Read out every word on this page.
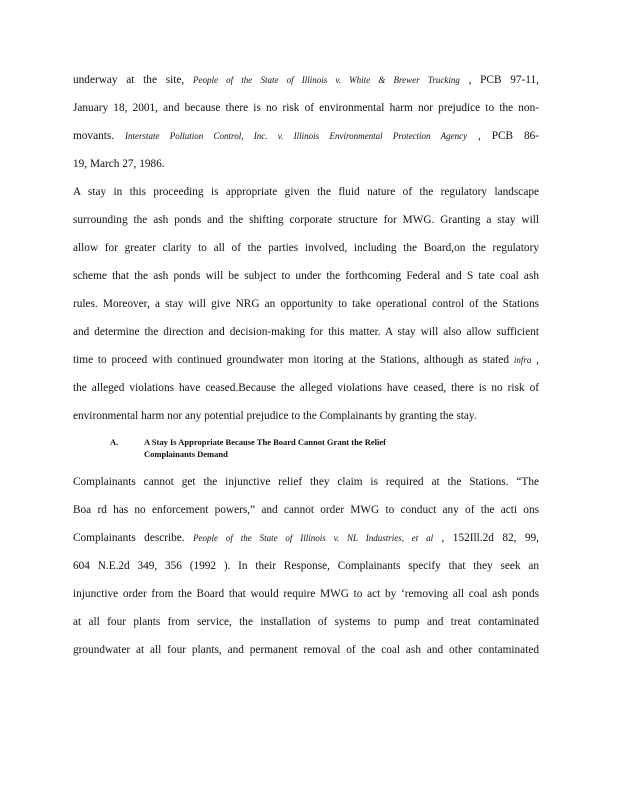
underway at the site, People of the State of Illinois v. White & Brewer Trucking , PCB 97-11,
January 18, 2001, and because there is no risk of environmental harm nor prejudice to the non-
movants. Interstate Pollution Control, Inc. v. Illinois Environmental Protection Agency , PCB 86-
19, March 27, 1986.
A stay in this proceeding is appropriate given the fluid nature of the regulatory landscape
surrounding the ash ponds and the shifting corporate structure for MWG. Granting a stay will
allow for greater clarity to all of the parties involved, including the Board,on the regulatory
scheme that the ash ponds will be subject to under the forthcoming Federal and S tate coal ash
rules. Moreover, a stay will give NRG an opportunity to take operational control of the Stations
and determine the direction and decision-making for this matter. A stay will also allow sufficient
time to proceed with continued groundwater mon itoring at the Stations, although as stated infra ,
the alleged violations have ceased.Because the alleged violations have ceased, there is no risk of
environmental harm nor any potential prejudice to the Complainants by granting the stay.
A.	A Stay Is Appropriate Because The Board Cannot Grant the Relief
Complainants Demand
Complainants cannot get the injunctive relief they claim is required at the Stations. “The
Boa rd has no enforcement powers,” and cannot order MWG to conduct any of the acti ons
Complainants describe. People of the State of Illinois v. NL Industries, et al , 152Ill.2d 82, 99,
604 N.E.2d 349, 356 (1992 ). In their Response, Complainants specify that they seek an
injunctive order from the Board that would require MWG to act by ‘removing all coal ash ponds
at all four plants from service, the installation of systems to pump and treat contaminated
groundwater at all four plants, and permanent removal of the coal ash and other contaminated
